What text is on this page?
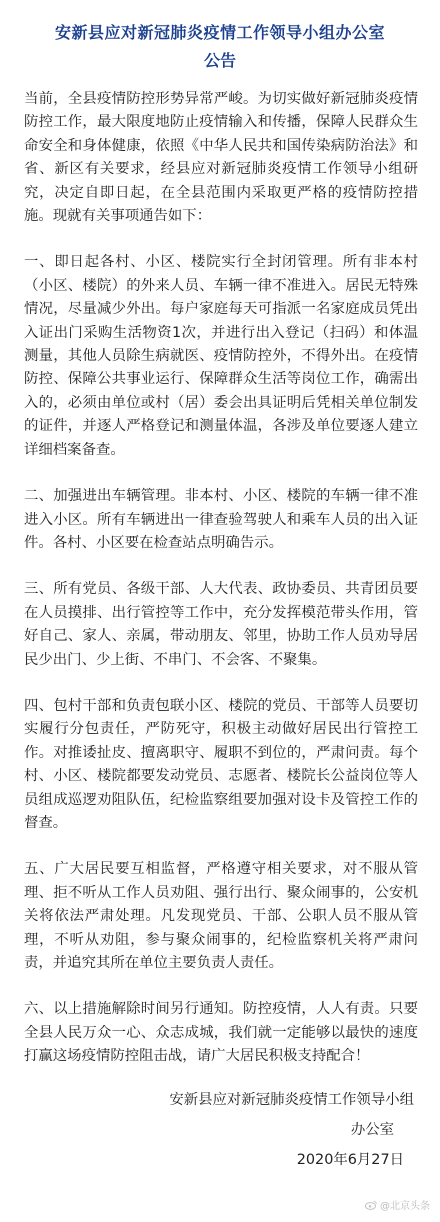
安新县应对新冠肺炎疫情工作领导小组办公室
公告

当前，全县疫情防控形势异常严峻。为切实做好新冠肺炎疫情防控工作，最大限度地防止疫情输入和传播，保障人民群众生命安全和身体健康，依照《中华人民共和国传染病防治法》和省、新区有关要求，经县应对新冠肺炎疫情工作领导小组研究，决定自即日起，在全县范围内采取更严格的疫情防控措施。现就有关事项通告如下：

一、即日起各村、小区、楼院实行全封闭管理。所有非本村（小区、楼院）的外来人员、车辆一律不准进入。居民无特殊情况，尽量减少外出。每户家庭每天可指派一名家庭成员凭出入证出门采购生活物资1次，并进行出入登记（扫码）和体温测量，其他人员除生病就医、疫情防控外，不得外出。在疫情防控、保障公共事业运行、保障群众生活等岗位工作，确需出入的，必须由单位或村（居）委会出具证明后凭相关单位制发的证件，并逐人严格登记和测量体温，各涉及单位要逐人建立详细档案备查。

二、加强进出车辆管理。非本村、小区、楼院的车辆一律不准进入小区。所有车辆进出一律查验驾驶人和乘车人员的出入证件。各村、小区要在检查站点明确告示。

三、所有党员、各级干部、人大代表、政协委员、共青团员要在人员摸排、出行管控等工作中，充分发挥模范带头作用，管好自己、家人、亲属，带动朋友、邻里，协助工作人员劝导居民少出门、少上街、不串门、不会客、不聚集。

四、包村干部和负责包联小区、楼院的党员、干部等人员要切实履行分包责任，严防死守，积极主动做好居民出行管控工作。对推诿扯皮、擅离职守、履职不到位的，严肃问责。每个村、小区、楼院都要发动党员、志愿者、楼院长公益岗位等人员组成巡逻劝阻队伍，纪检监察组要加强对设卡及管控工作的督查。

五、广大居民要互相监督，严格遵守相关要求，对不服从管理、拒不听从工作人员劝阻、强行出行、聚众闹事的，公安机关将依法严肃处理。凡发现党员、干部、公职人员不服从管理，不听从劝阻，参与聚众闹事的，纪检监察机关将严肃问责，并追究其所在单位主要负责人责任。

六、以上措施解除时间另行通知。防控疫情，人人有责。只要全县人民万众一心、众志成城，我们就一定能够以最快的速度打赢这场疫情防控阻击战，请广大居民积极支持配合！

安新县应对新冠肺炎疫情工作领导小组
办公室
2020年6月27日
@北京头条
